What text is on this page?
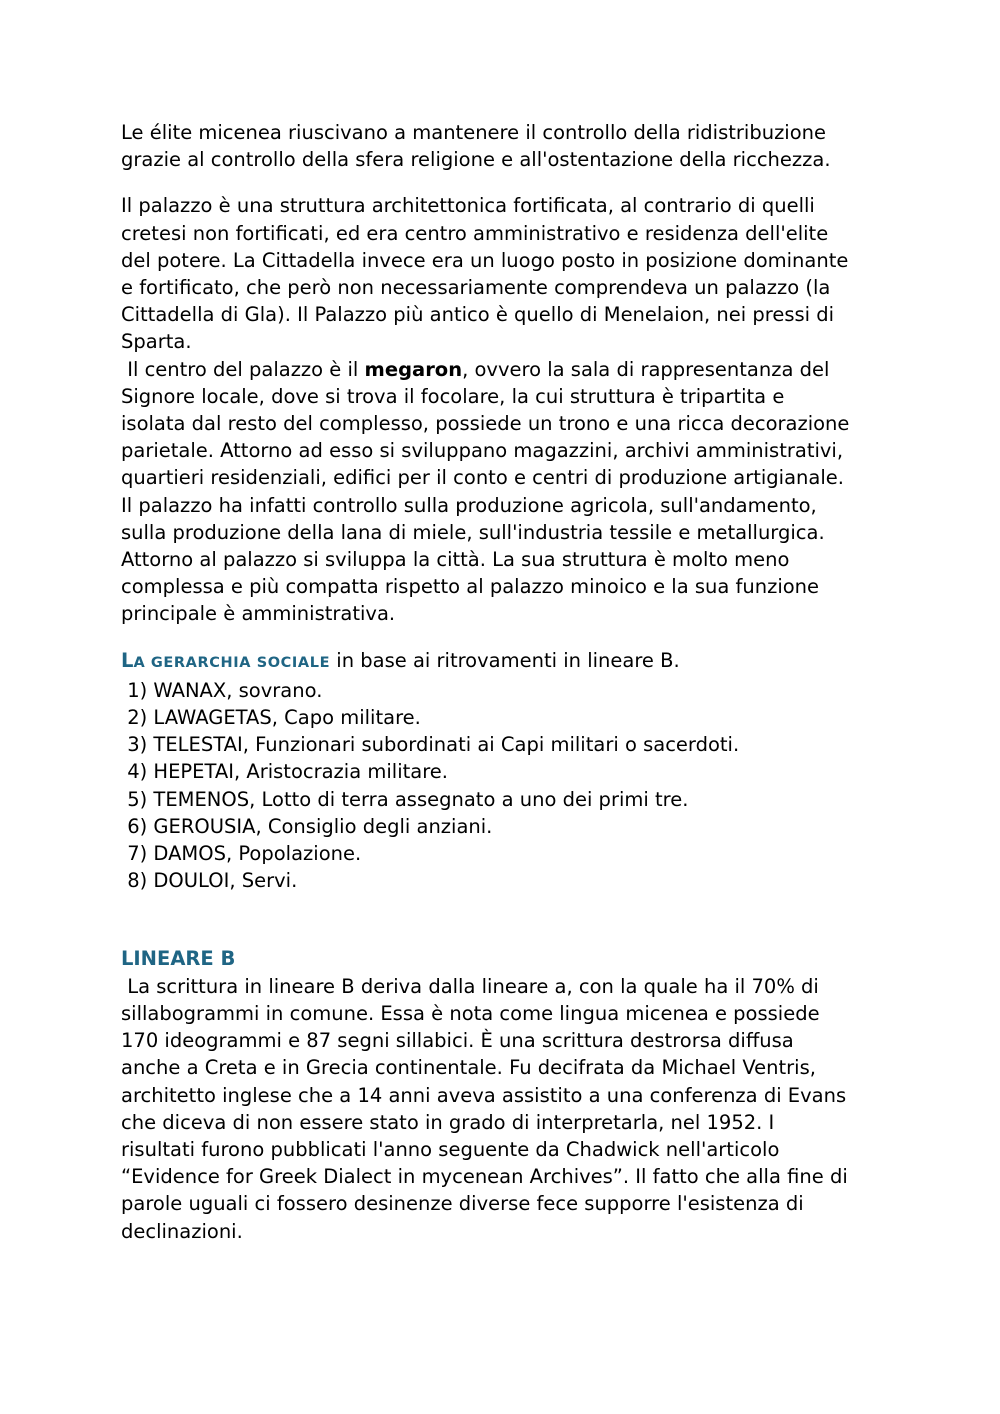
Le élite micenea riuscivano a mantenere il controllo della ridistribuzione
grazie al controllo della sfera religione e all'ostentazione della ricchezza.

Il palazzo è una struttura architettonica fortificata, al contrario di quelli
cretesi non fortificati, ed era centro amministrativo e residenza dell'elite
del potere. La Cittadella invece era un luogo posto in posizione dominante
e fortificato, che però non necessariamente comprendeva un palazzo (la
Cittadella di Gla). Il Palazzo più antico è quello di Menelaion, nei pressi di
Sparta.

Il centro del palazzo è il megaron, ovvero la sala di rappresentanza del
Signore locale, dove si trova il focolare, la cui struttura è tripartita e
isolata dal resto del complesso, possiede un trono e una ricca decorazione
parietale. Attorno ad esso si sviluppano magazzini, archivi amministrativi,
quartieri residenziali, edifici per il conto e centri di produzione artigianale.
Il palazzo ha infatti controllo sulla produzione agricola, sull'andamento,
sulla produzione della lana di miele, sull'industria tessile e metallurgica.
Attorno al palazzo si sviluppa la città. La sua struttura è molto meno
complessa e più compatta rispetto al palazzo minoico e la sua funzione
principale è amministrativa.

LA GERARCHIA SOCIALE in base ai ritrovamenti in lineare B.
1) WANAX, sovrano.
2) LAWAGETAS, Capo militare.
3) TELESTAI, Funzionari subordinati ai Capi militari o sacerdoti.
4) HEPETAI, Aristocrazia militare.
5) TEMENOS, Lotto di terra assegnato a uno dei primi tre.
6) GEROUSIA, Consiglio degli anziani.
7) DAMOS, Popolazione.
8) DOULOI, Servi.
LINEARE B
La scrittura in lineare B deriva dalla lineare a, con la quale ha il 70% di
sillabogrammi in comune. Essa è nota come lingua micenea e possiede
170 ideogrammi e 87 segni sillabici. È una scrittura destrorsa diffusa
anche a Creta e in Grecia continentale. Fu decifrata da Michael Ventris,
architetto inglese che a 14 anni aveva assistito a una conferenza di Evans
che diceva di non essere stato in grado di interpretarla, nel 1952. I
risultati furono pubblicati l'anno seguente da Chadwick nell'articolo
“Evidence for Greek Dialect in mycenean Archives”. Il fatto che alla fine di
parole uguali ci fossero desinenze diverse fece supporre l'esistenza di
declinazioni.
